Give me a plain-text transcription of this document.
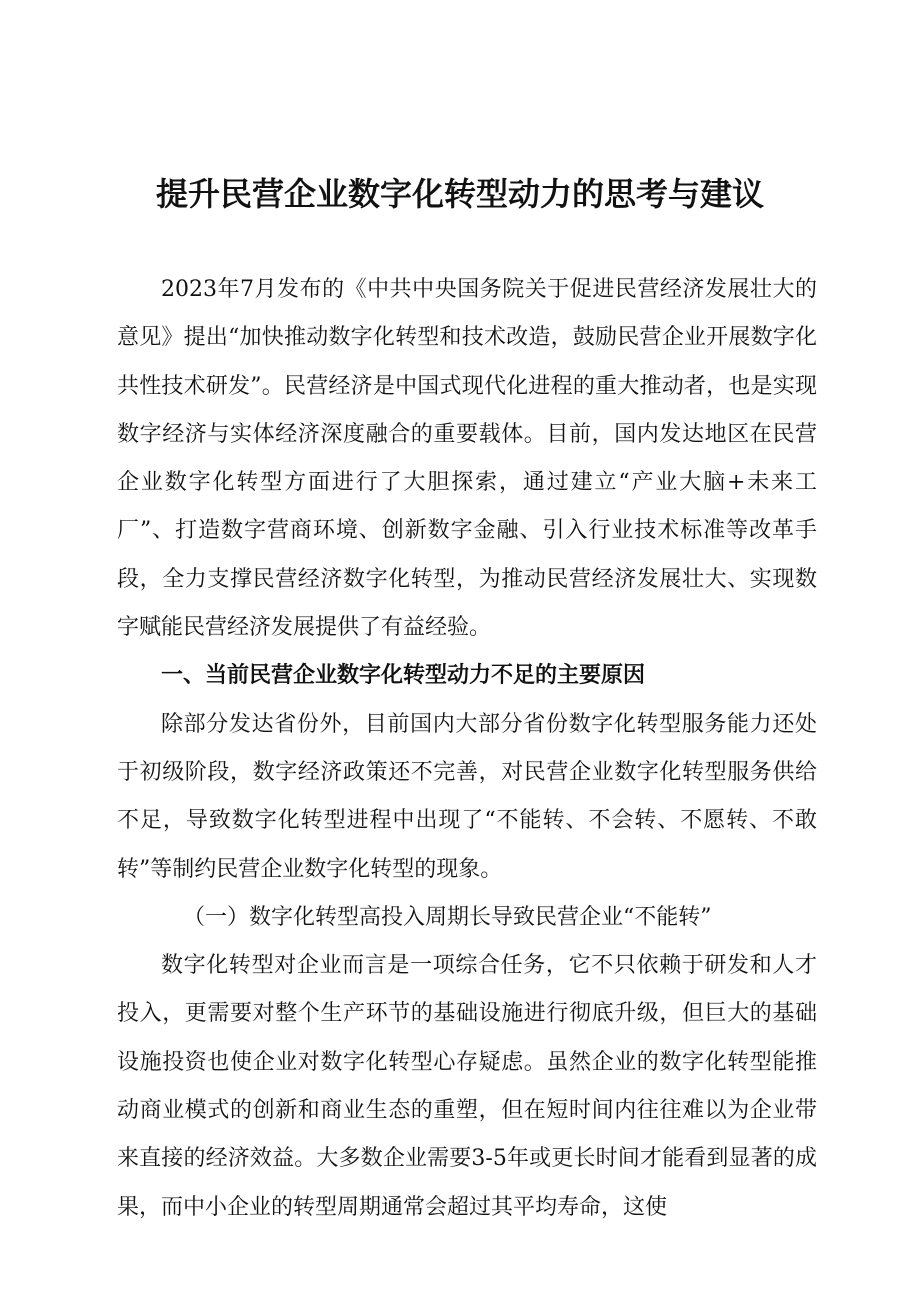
提升民营企业数字化转型动力的思考与建议

2023年7月发布的《中共中央国务院关于促进民营经济发展壮大的意见》提出“加快推动数字化转型和技术改造，鼓励民营企业开展数字化共性技术研发”。民营经济是中国式现代化进程的重大推动者，也是实现数字经济与实体经济深度融合的重要载体。目前，国内发达地区在民营企业数字化转型方面进行了大胆探索，通过建立“产业大脑+未来工厂”、打造数字营商环境、创新数字金融、引入行业技术标准等改革手段，全力支撑民营经济数字化转型，为推动民营经济发展壮大、实现数字赋能民营经济发展提供了有益经验。

一、当前民营企业数字化转型动力不足的主要原因

除部分发达省份外，目前国内大部分省份数字化转型服务能力还处于初级阶段，数字经济政策还不完善，对民营企业数字化转型服务供给不足，导致数字化转型进程中出现了“不能转、不会转、不愿转、不敢转”等制约民营企业数字化转型的现象。

（一）数字化转型高投入周期长导致民营企业“不能转”

数字化转型对企业而言是一项综合任务，它不只依赖于研发和人才投入，更需要对整个生产环节的基础设施进行彻底升级，但巨大的基础设施投资也使企业对数字化转型心存疑虑。虽然企业的数字化转型能推动商业模式的创新和商业生态的重塑，但在短时间内往往难以为企业带来直接的经济效益。大多数企业需要3-5年或更长时间才能看到显著的成果，而中小企业的转型周期通常会超过其平均寿命，这使
